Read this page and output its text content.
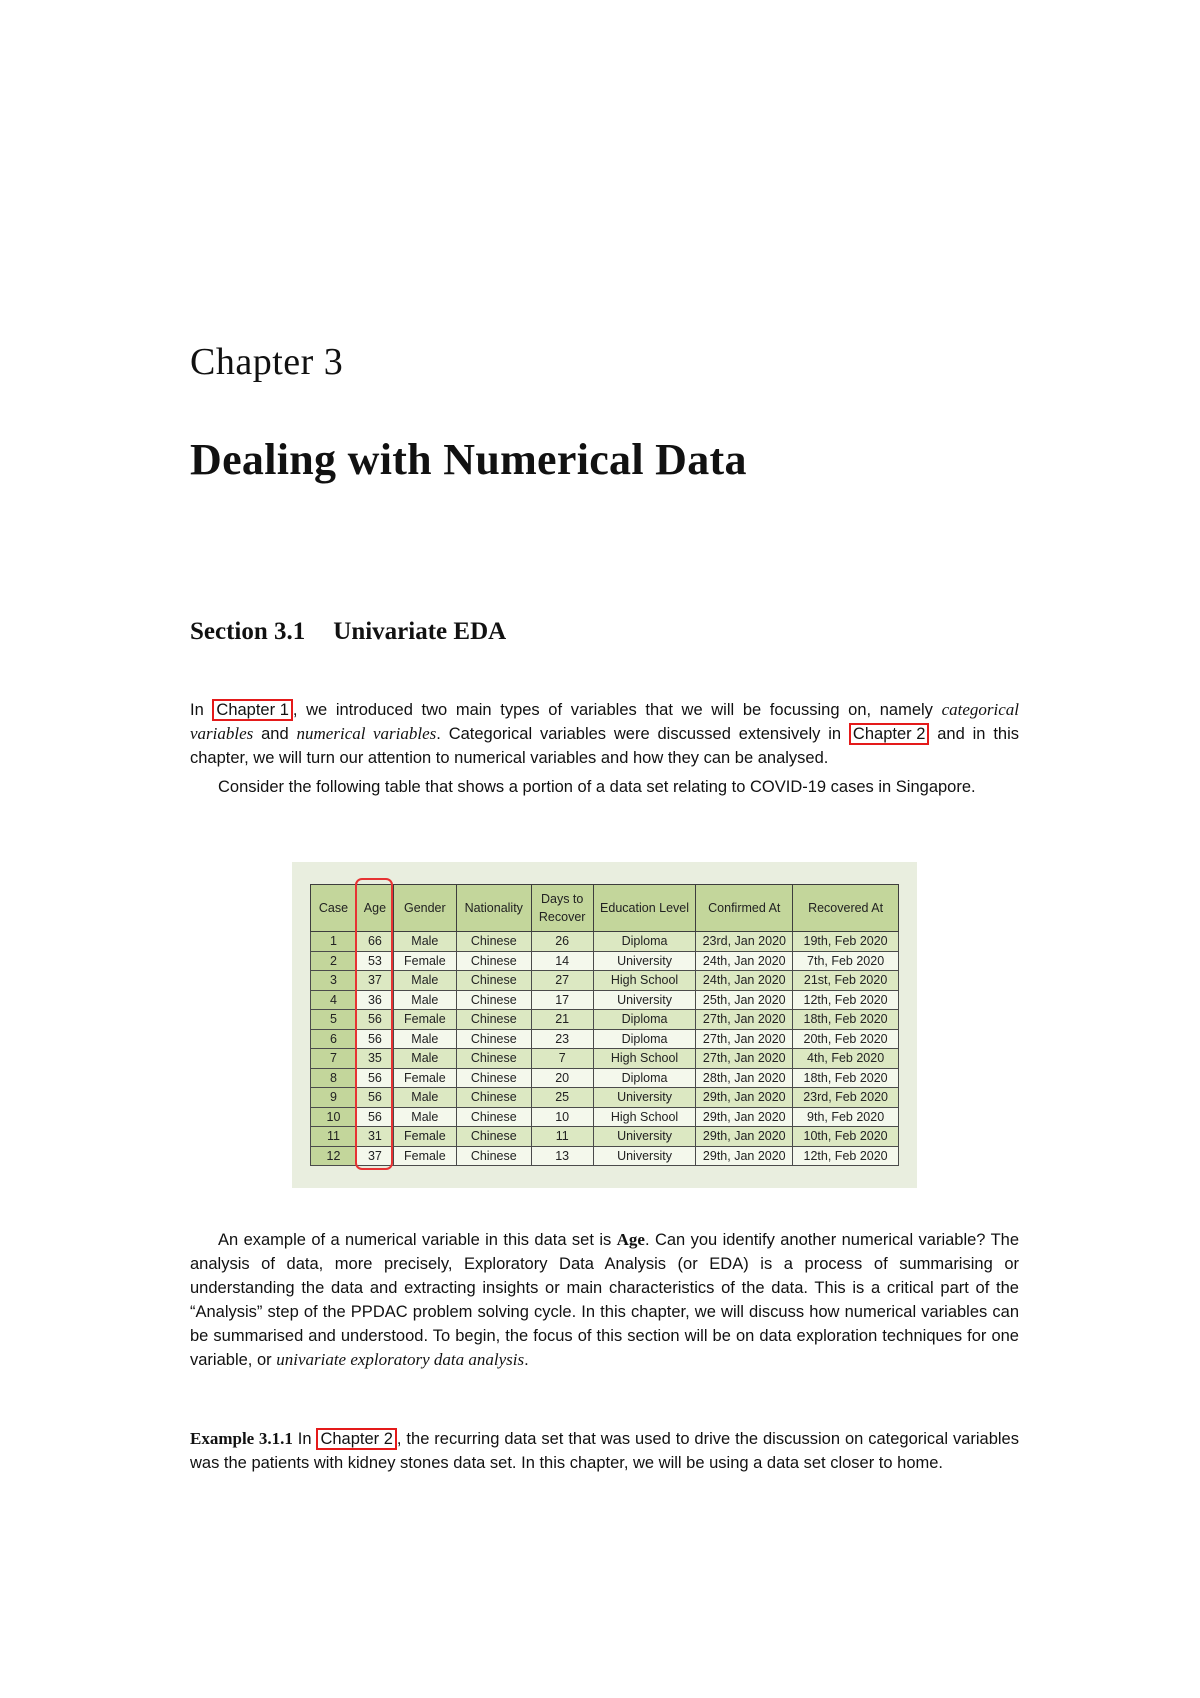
Chapter 3
Dealing with Numerical Data
Section 3.1 Univariate EDA
In Chapter 1 , we introduced two main types of variables that we will be focussing on, namely categorical variables and numerical variables. Categorical variables were discussed extensively in Chapter 2 and in this chapter, we will turn our attention to numerical variables and how they can be analysed.
Consider the following table that shows a portion of a data set relating to COVID-19 cases in Singapore.
Case	Age	Gender	Nationality	Days to Recover	Education Level	Confirmed At	Recovered At
1	66	Male	Chinese	26	Diploma	23rd, Jan 2020	19th, Feb 2020
2	53	Female	Chinese	14	University	24th, Jan 2020	7th, Feb 2020
3	37	Male	Chinese	27	High School	24th, Jan 2020	21st, Feb 2020
4	36	Male	Chinese	17	University	25th, Jan 2020	12th, Feb 2020
5	56	Female	Chinese	21	Diploma	27th, Jan 2020	18th, Feb 2020
6	56	Male	Chinese	23	Diploma	27th, Jan 2020	20th, Feb 2020
7	35	Male	Chinese	7	High School	27th, Jan 2020	4th, Feb 2020
8	56	Female	Chinese	20	Diploma	28th, Jan 2020	18th, Feb 2020
9	56	Male	Chinese	25	University	29th, Jan 2020	23rd, Feb 2020
10	56	Male	Chinese	10	High School	29th, Jan 2020	9th, Feb 2020
11	31	Female	Chinese	11	University	29th, Jan 2020	10th, Feb 2020
12	37	Female	Chinese	13	University	29th, Jan 2020	12th, Feb 2020
An example of a numerical variable in this data set is Age. Can you identify another numerical variable? The analysis of data, more precisely, Exploratory Data Analysis (or EDA) is a process of summarising or understanding the data and extracting insights or main characteristics of the data. This is a critical part of the “Analysis” step of the PPDAC problem solving cycle. In this chapter, we will discuss how numerical variables can be summarised and understood. To begin, the focus of this section will be on data exploration techniques for one variable, or univariate exploratory data analysis.
Example 3.1.1 In Chapter 2 , the recurring data set that was used to drive the discussion on categorical variables was the patients with kidney stones data set. In this chapter, we will be using a data set closer to home.
